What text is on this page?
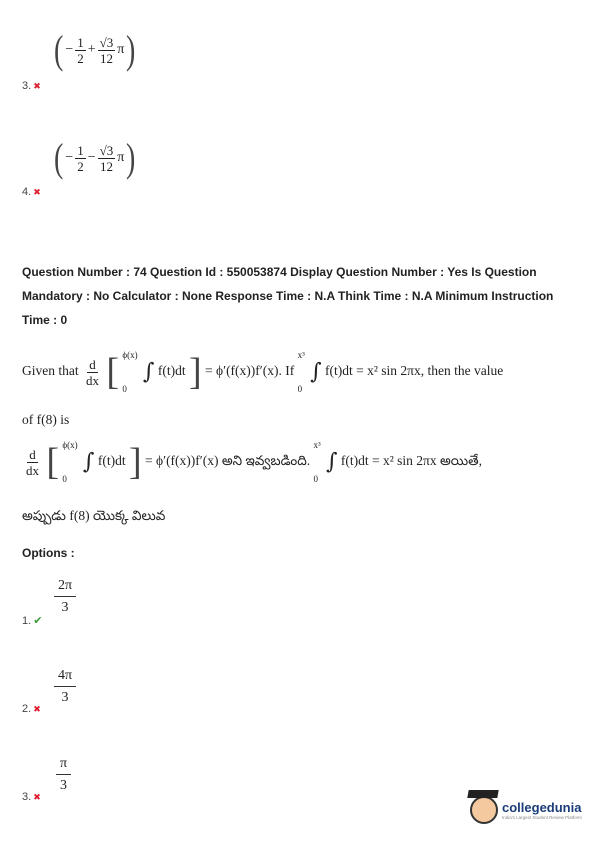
( − $\frac{1}{2} + \frac{√3}{12}$ π )
3. ✖
( − $\frac{1}{2} - \frac{√3}{12}$ π )
4. ✖
Question Number : 74 Question Id : 550053874 Display Question Number : Yes Is Question
Mandatory : No Calculator : None Response Time : N.A Think Time : N.A Minimum Instruction
Time : 0
Given that $\frac{d}{dx}$ [ ϕ(x)
0
∫ f(t)dt ] = ϕ′(f(x))f′(x). If
x³
0
∫ f(t)dt = x² sin 2πx, then the value
of f(8) is
$\frac{d}{dx}$ [ ϕ(x)
0
∫ f(t)dt ] = ϕ′(f(x))f′(x) అని ఇవ్వబడింది.
x³
0
∫ f(t)dt = x² sin 2πx అయితే,
అప్పుడు f(8) యొక్క విలువ
Options :
$\frac{2\pi}{3}$
1. ✔
$\frac{4\pi}{3}$
2. ✖
$\frac{\pi}{3}$
3. ✖
collegedunia
India's Largest Student Review Platform
